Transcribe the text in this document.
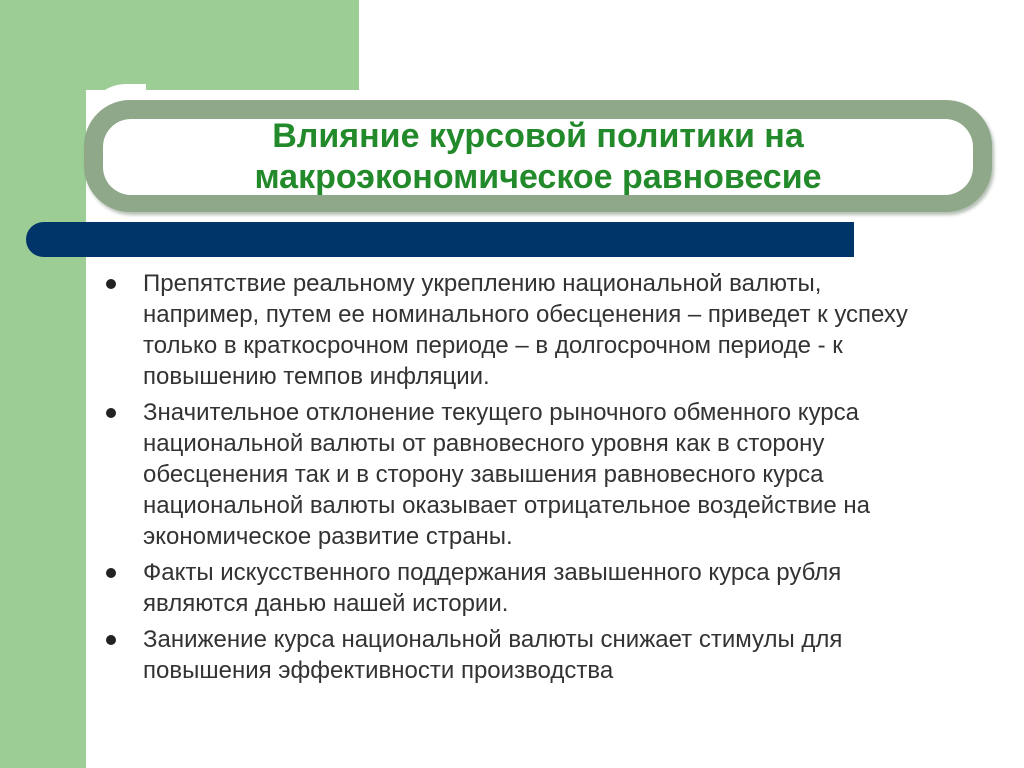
Влияние курсовой политики на
макроэкономическое равновесие
Препятствие реальному укреплению национальной валюты, например, путем ее номинального обесценения – приведет к успеху только в краткосрочном периоде – в долгосрочном периоде - к повышению темпов инфляции.
Значительное отклонение текущего рыночного обменного курса национальной валюты от равновесного уровня как в сторону обесценения так и в сторону завышения равновесного курса национальной валюты оказывает отрицательное воздействие на экономическое развитие страны.
Факты искусственного поддержания завышенного курса рубля являются данью нашей истории.
Занижение курса национальной валюты снижает стимулы для повышения эффективности производства
